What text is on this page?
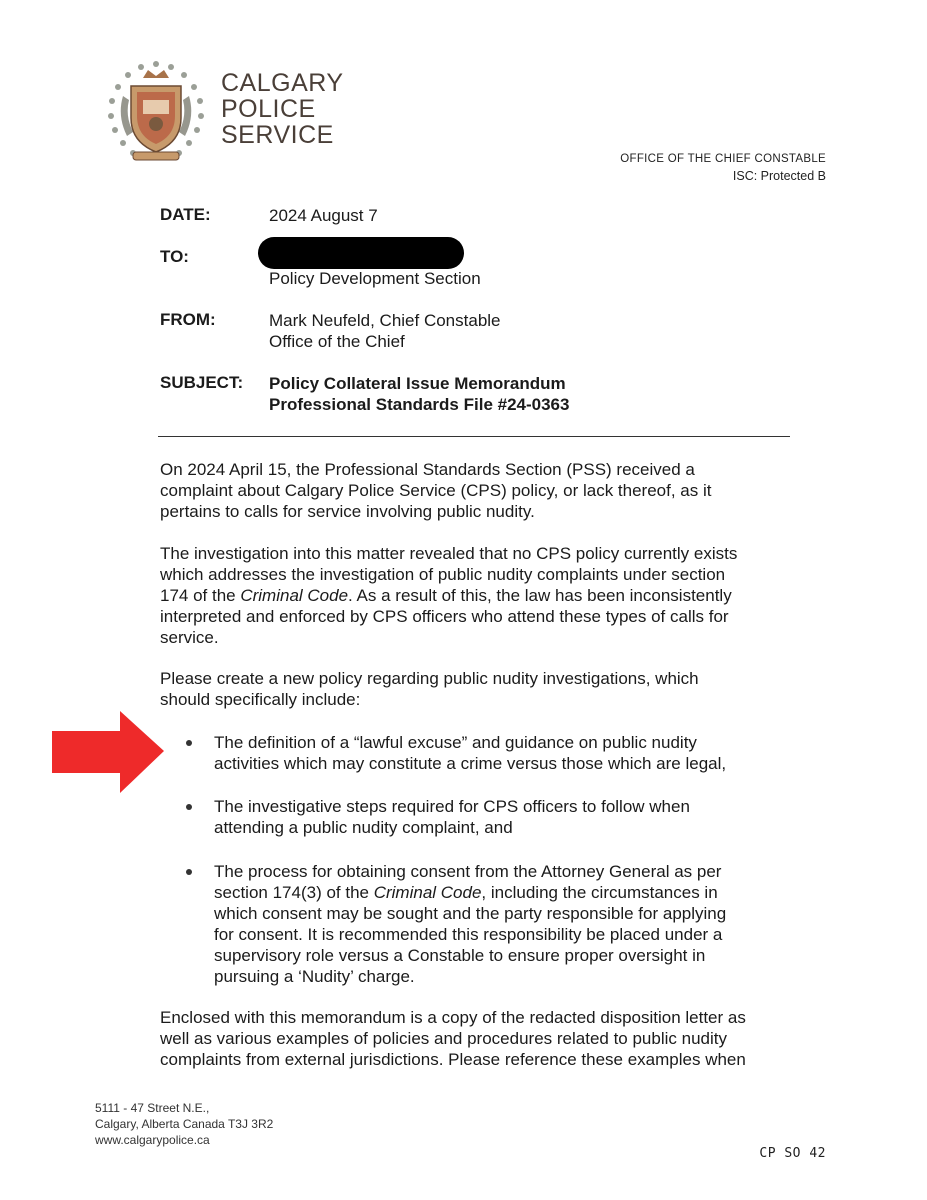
CALGARY
POLICE
SERVICE
OFFICE OF THE CHIEF CONSTABLE
ISC: Protected B
DATE:	2024 August 7
TO:
Policy Development Section
FROM:	Mark Neufeld, Chief Constable
Office of the Chief
SUBJECT: Policy Collateral Issue Memorandum
Professional Standards File #24-0363
On 2024 April 15, the Professional Standards Section (PSS) received a
complaint about Calgary Police Service (CPS) policy, or lack thereof, as it
pertains to calls for service involving public nudity.
The investigation into this matter revealed that no CPS policy currently exists
which addresses the investigation of public nudity complaints under section
174 of the Criminal Code. As a result of this, the law has been inconsistently
interpreted and enforced by CPS officers who attend these types of calls for
service.
Please create a new policy regarding public nudity investigations, which
should specifically include:
The definition of a “lawful excuse” and guidance on public nudity
activities which may constitute a crime versus those which are legal,
The investigative steps required for CPS officers to follow when
attending a public nudity complaint, and
The process for obtaining consent from the Attorney General as per
section 174(3) of the Criminal Code, including the circumstances in
which consent may be sought and the party responsible for applying
for consent. It is recommended this responsibility be placed under a
supervisory role versus a Constable to ensure proper oversight in
pursuing a ‘Nudity’ charge.
Enclosed with this memorandum is a copy of the redacted disposition letter as
well as various examples of policies and procedures related to public nudity
complaints from external jurisdictions. Please reference these examples when
5111 - 47 Street N.E.,
Calgary, Alberta Canada T3J 3R2
www.calgarypolice.ca
CP SO 42
